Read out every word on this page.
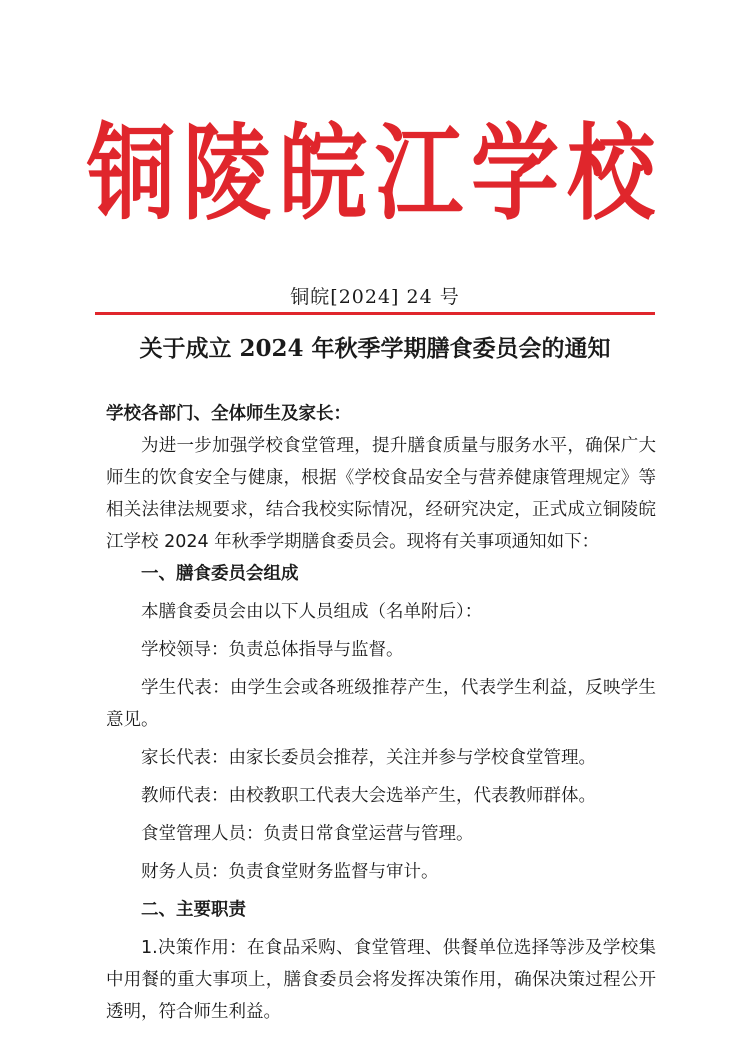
铜陵皖江学校
铜皖[2024] 24 号
关于成立 2024 年秋季学期膳食委员会的通知

学校各部门、全体师生及家长：

为进一步加强学校食堂管理，提升膳食质量与服务水平，确保广大师生的饮食安全与健康，根据《学校食品安全与营养健康管理规定》等相关法律法规要求，结合我校实际情况，经研究决定，正式成立铜陵皖江学校 2024 年秋季学期膳食委员会。现将有关事项通知如下：

一、膳食委员会组成

本膳食委员会由以下人员组成（名单附后）：

学校领导：负责总体指导与监督。

学生代表：由学生会或各班级推荐产生，代表学生利益，反映学生意见。

家长代表：由家长委员会推荐，关注并参与学校食堂管理。

教师代表：由校教职工代表大会选举产生，代表教师群体。

食堂管理人员：负责日常食堂运营与管理。

财务人员：负责食堂财务监督与审计。

二、主要职责

1.决策作用：在食品采购、食堂管理、供餐单位选择等涉及学校集中用餐的重大事项上，膳食委员会将发挥决策作用，确保决策过程公开透明，符合师生利益。
